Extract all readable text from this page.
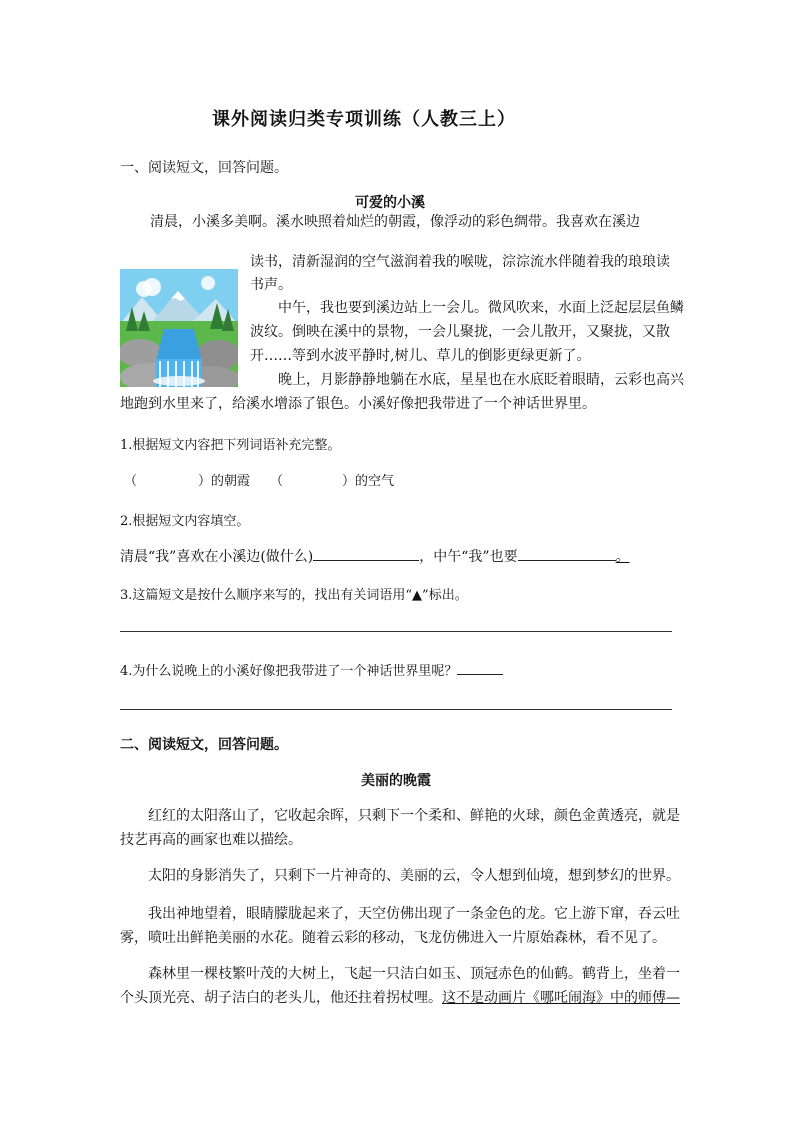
课外阅读归类专项训练（人教三上）
一、阅读短文，回答问题。
可爱的小溪
清晨，小溪多美啊。溪水映照着灿烂的朝霞，像浮动的彩色绸带。我喜欢在溪边
读书，清新湿润的空气滋润着我的喉咙，淙淙流水伴随着我的琅琅读
书声。
中午，我也要到溪边站上一会儿。微风吹来，水面上泛起层层鱼鳞
波纹。倒映在溪中的景物，一会儿聚拢，一会儿散开，又聚拢，又散
开……等到水波平静时,树儿、草儿的倒影更绿更新了。
晚上，月影静静地躺在水底，星星也在水底眨着眼睛，云彩也高兴
地跑到水里来了，给溪水增添了银色。小溪好像把我带进了一个神话世界里。
1.根据短文内容把下列词语补充完整。
（	）的朝霞 （	）的空气
2.根据短文内容填空。
清晨“我”喜欢在小溪边(做什么)	，中午“我”也要	。
3.这篇短文是按什么顺序来写的，找出有关词语用“▲”标出。
4.为什么说晚上的小溪好像把我带进了一个神话世界里呢？
二、阅读短文，回答问题。
美丽的晚霞
红红的太阳落山了，它收起余晖，只剩下一个柔和、鲜艳的火球，颜色金黄透亮，就是
技艺再高的画家也难以描绘。
太阳的身影消失了，只剩下一片神奇的、美丽的云，令人想到仙境，想到梦幻的世界。
我出神地望着，眼睛朦胧起来了，天空仿佛出现了一条金色的龙。它上游下窜，吞云吐
雾，喷吐出鲜艳美丽的水花。随着云彩的移动，飞龙仿佛进入一片原始森林，看不见了。
森林里一棵枝繁叶茂的大树上，飞起一只洁白如玉、顶冠赤色的仙鹤。鹤背上，坐着一
个头顶光亮、胡子洁白的老头儿，他还拄着拐杖哩。这不是动画片《哪吒闹海》中的师傅—
